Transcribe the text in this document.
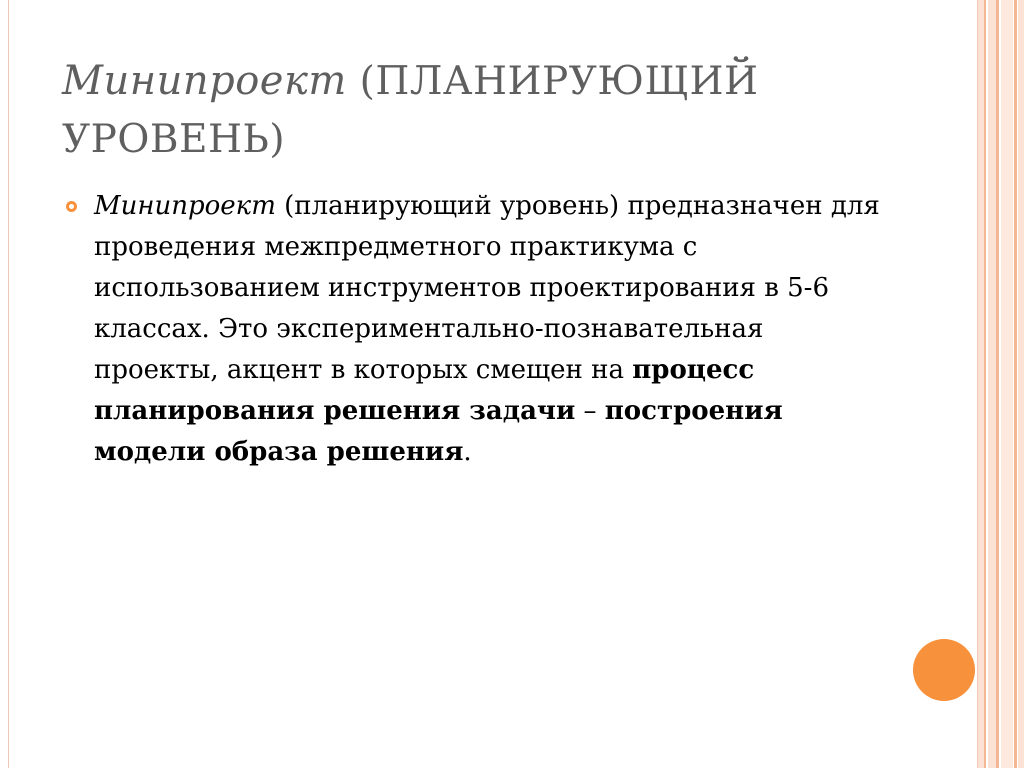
Минипроект (ПЛАНИРУЮЩИЙ УРОВЕНЬ)
Минипроект (планирующий уровень) предназначен для проведения межпредметного практикума с использованием инструментов проектирования в 5-6 классах. Это экспериментально-познавательная проекты, акцент в которых смещен на процесс планирования решения задачи – построения модели образа решения.
